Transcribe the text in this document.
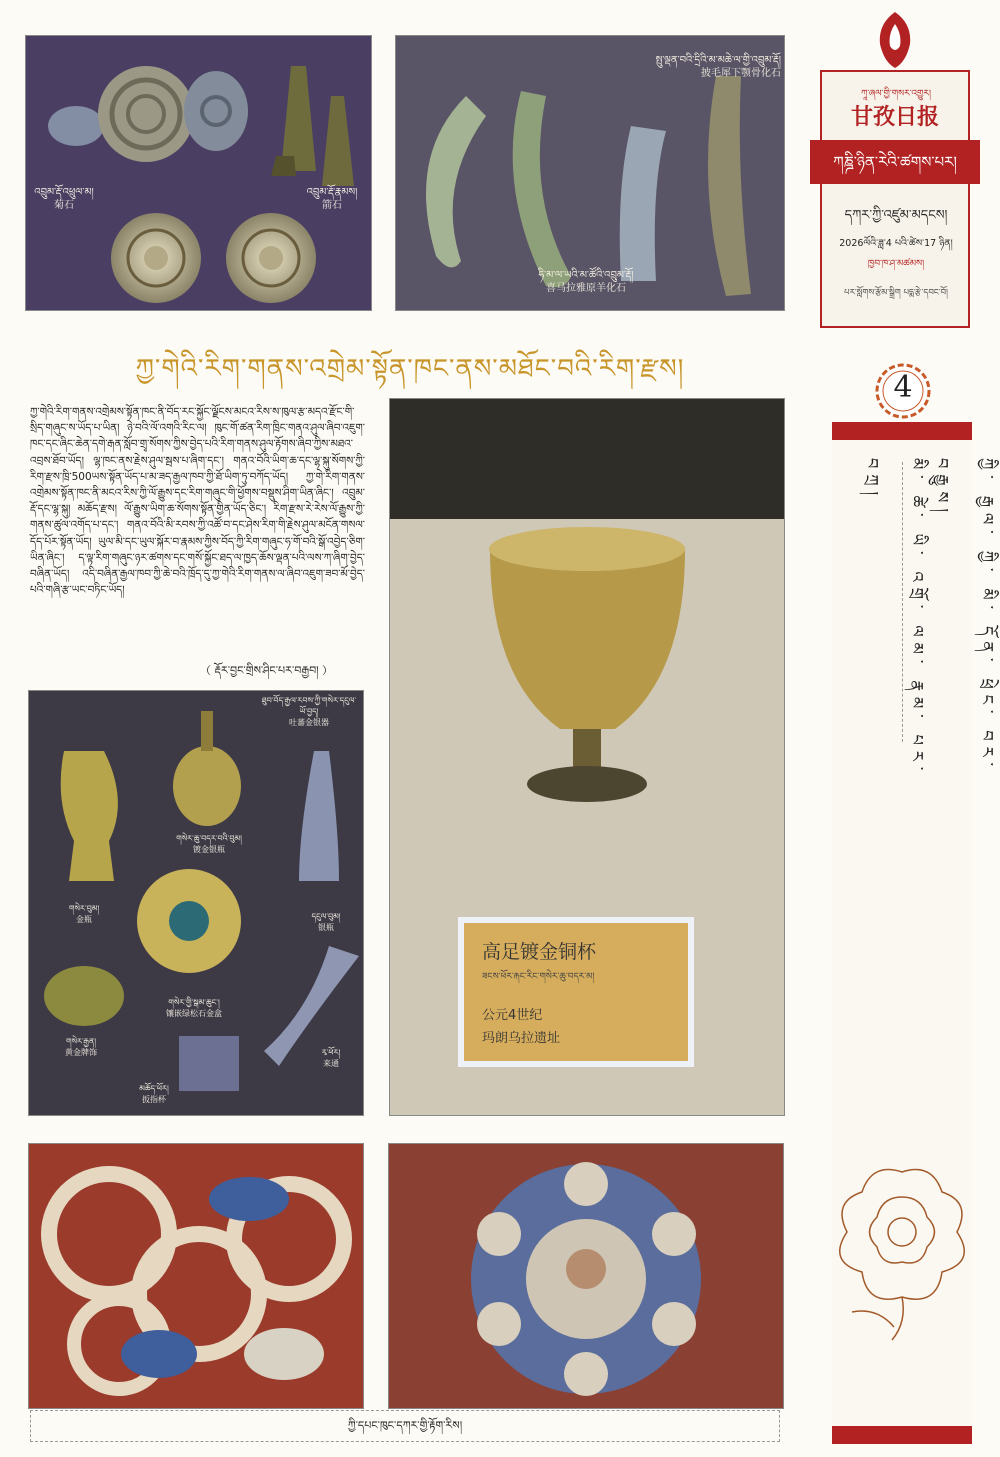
འབྲུམ་རྡོ་འཕྲུལ་མ།
菊石
འབྲུམ་རྡོ་རྣམས།
箭石
སྤུ་ལྡན་བའི་དྲིའི་མ་མཆེ་ལ་གྱི་འབྲུམ་རྡོ།
披毛犀下颚骨化石
ཧི་མ་ལ་ཡའི་མ་ཚོའི་འབྲུམ་རྡོ།
喜马拉雅原羊化石
ཀཱ་ཞལ་གྱི་གསར་འགྱུར།
甘孜日报
ཀཎྜི་ཉིན་རེའི་ཚགས་པར།
དཀར་ཀྱི་འཛུམ་མདངས།
2026ལོའི་ཟླ་4 པའི་ཚེས་17 ཉིན།
ཁྱབ་ཁ་ཤ་མཚམས།
པར་སློགས་རྩོམ་སྒྲིག པདྨ་རྩེ་དབང་བོ།
ཀྱ་གེའི་རིག་གནས་འགྲེམ་སྟོན་ཁང་ནས་མཐོང་བའི་རིག་རྫས།
ཀྱ་གེའི་རིག་གནས་འགྲེམས་སྟོན་ཁང་ནི་བོད་རང་སྐྱོང་ལྗོངས་མངའ་རིས་ས་ཁུལ་རྩ་མདའ་རྫོང་གི་སྲིད་གཞུང་ས་ཡོད་པ་ཡིན། ཉེ་བའི་ལོ་འགའི་རིང་ལ། ཁུང་གོ་ཚན་རིག་ཁྲིང་གནའ་ཤུལ་ཞིབ་འཇུག་ཁང་དང་ཞིང་ཆེན་དགེ་རྒན་སློབ་གྲྭ་སོགས་ཀྱིས་བྱེད་པའི་རིག་གནས་ཤུལ་རྟོགས་ཞིབ་ཀྱིས་མཐའ་འབྲས་ཐོབ་ཡོད། ལྷ་ཁང་ནས་རྗེས་ཤུལ་སྦས་པ་ཞིག་དང་། གནའ་བོའི་ཡིག་ཆ་དང་ལྷ་སྐུ་སོགས་ཀྱི་རིག་རྫས་ཁྲི་500ཡས་སྟོན་ཡོད་པ་མ་ཟད་རྒྱལ་ཁབ་ཀྱི་ཐོ་ཡིག་ཏུ་བཀོད་ཡོད། ཀྱ་གེ་རིག་གནས་འགྲེམས་སྟོན་ཁང་ནི་མངའ་རིས་ཀྱི་ལོ་རྒྱུས་དང་རིག་གཞུང་གི་ཕྱོགས་བསྡུས་ཤིག་ཡིན་ཞིང་། འབྲུམ་རྡོ་དང་ལྷ་སྐུ། མཆོད་རྫས། ལོ་རྒྱུས་ཡིག་ཆ་སོགས་སྟོན་གྱིན་ཡོད་ཅིང་། རིག་རྫས་རེ་རེས་ལོ་རྒྱུས་ཀྱི་གནས་ཚུལ་འགོད་པ་དང་། གནའ་བོའི་མི་རབས་ཀྱི་འཚོ་བ་དང་ཤེས་རིག་གི་རྗེས་ཤུལ་མངོན་གསལ་དོད་པོར་སྟོན་ཡོད། ཡུལ་མི་དང་ཡུལ་སྐོར་བ་རྣམས་ཀྱིས་བོད་ཀྱི་རིག་གཞུང་ཧ་གོ་བའི་སྒོ་འབྱེད་ཅིག་ཡིན་ཞིང་། ད་ལྟ་རིག་གཞུང་ཉར་ཚགས་དང་གསོ་སྐྱོང་ཐད་ལ་ཁྱད་ཆོས་ལྡན་པའི་ལས་ཀ་ཞིག་བྱེད་བཞིན་ཡོད། འདི་བཞིན་རྒྱལ་ཁབ་ཀྱི་ཆེ་བའི་ཁྲོད་དུ་ཀྱ་གེའི་རིག་གནས་ལ་ཞིབ་འཇུག་ཟབ་མོ་བྱེད་པའི་གཞི་རྩ་ཡང་བཏིང་ཡོད།
（ རྡོར་བྱང་གྲིས་ཤིང་པར་བརྒྱབ། ）
ཐུབ་བོད་རྒྱལ་རབས་ཀྱི་གསེར་དངུལ་ཡོ་བྱད།
吐蕃金银器
གསེར་བུམ།
金瓶
གསེར་ཆུ་བདར་བའི་བུམ།
镀金银瓶
དངུལ་བུམ།
银瓶
གསེར་གྱི་སྒམ་ཆུང་།
镶嵌绿松石金盒
གསེར་རྒྱན།
黄金牌饰
མཆོད་ཕོར།
扳指杯
རྭ་ཕོར།
来通
高足镀金铜杯
ཟངས་ཕོར་རྐང་རིང་གསེར་ཆུ་བདར་མ།
公元4世纪
玛朗乌拉遗址
ཀྱི་དཔང་ཁུང་དཀར་གྱི་རྟོག་རིས།
4
ཀྱི་ རྒྱལ་ ཀྱི་ མི་ དོན་ ཕྲེང་ བར་ བརྒྱུས།
མི་ ཚེ་ ཡི་ འགྲོ་ ལམ་ རྣམ་ པར་ བཀྲ།
